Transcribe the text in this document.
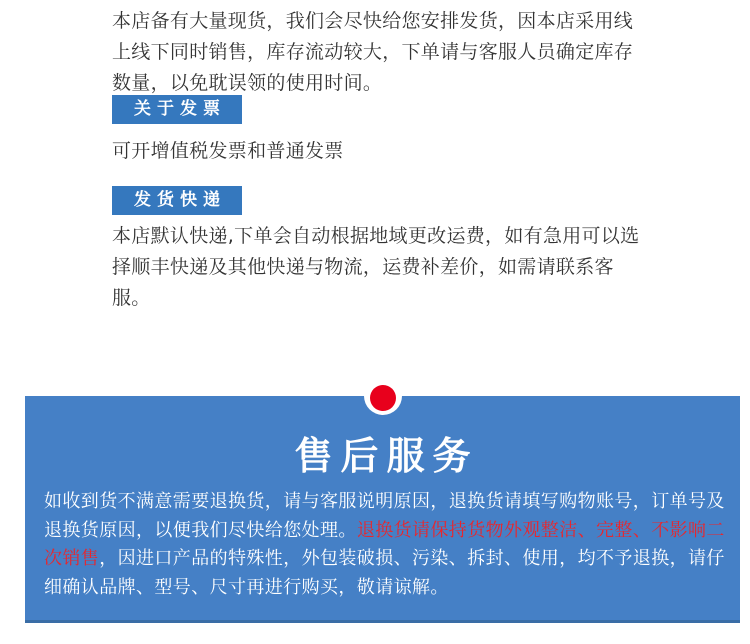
本店备有大量现货，我们会尽快给您安排发货，因本店采用线上线下同时销售，库存流动较大，下单请与客服人员确定库存数量，以免耽误领的使用时间。

关于发票

可开增值税发票和普通发票

发货快递

本店默认快递,下单会自动根据地域更改运费，如有急用可以选择顺丰快递及其他快递与物流，运费补差价，如需请联系客服。

售后服务

如收到货不满意需要退换货，请与客服说明原因，退换货请填写购物账号，订单号及退换货原因，以便我们尽快给您处理。退换货请保持货物外观整洁、完整、不影响二次销售，因进口产品的特殊性，外包装破损、污染、拆封、使用，均不予退换，请仔细确认品牌、型号、尺寸再进行购买，敬请谅解。
